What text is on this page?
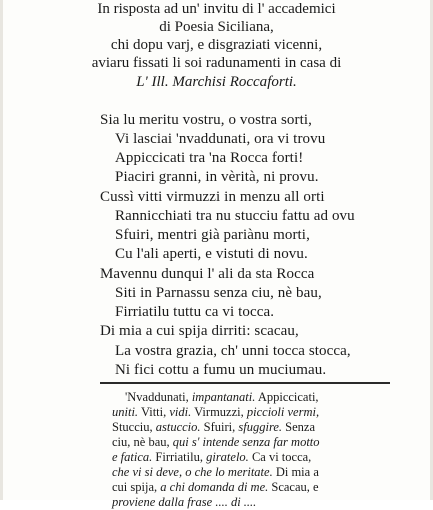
In risposta ad un' invitu di l' accademici
di Poesia Siciliana,
chi dopu varj, e disgraziati vicenni,
aviaru fissati li soi radunamenti in casa di
L' Ill. Marchisi Roccaforti.
Sia lu meritu vostru, o vostra sorti,
Vi lasciai 'nvaddunati, ora vi trovu
Appiccicati tra 'na Rocca forti!
Piaciri granni, in vèrità, ni provu.
Cussì vitti virmuzzi in menzu all orti
Rannicchiati tra nu stucciu fattu ad ovu
Sfuiri, mentri già pariànu morti,
Cu l'ali aperti, e vistuti di novu.
Mavennu dunqui l' ali da sta Rocca
Siti in Parnassu senza ciu, nè bau,
Firriatilu tuttu ca vi tocca.
Di mia a cui spija dirriti: scacau,
La vostra grazia, ch' unni tocca stocca,
Ni fici cottu a fumu un muciumau.
'Nvaddunati, impantanati. Appiccicati,
uniti. Vitti, vidi. Virmuzzi, piccioli vermi,
Stucciu, astuccio. Sfuiri, sfuggire. Senza
ciu, nè bau, qui s' intende senza far motto
e fatica. Firriatilu, giratelo. Ca vi tocca,
che vi si deve, o che lo meritate. Di mia a
cui spija, a chi domanda di me. Scacau, e
proviene dalla frase .... di ....
